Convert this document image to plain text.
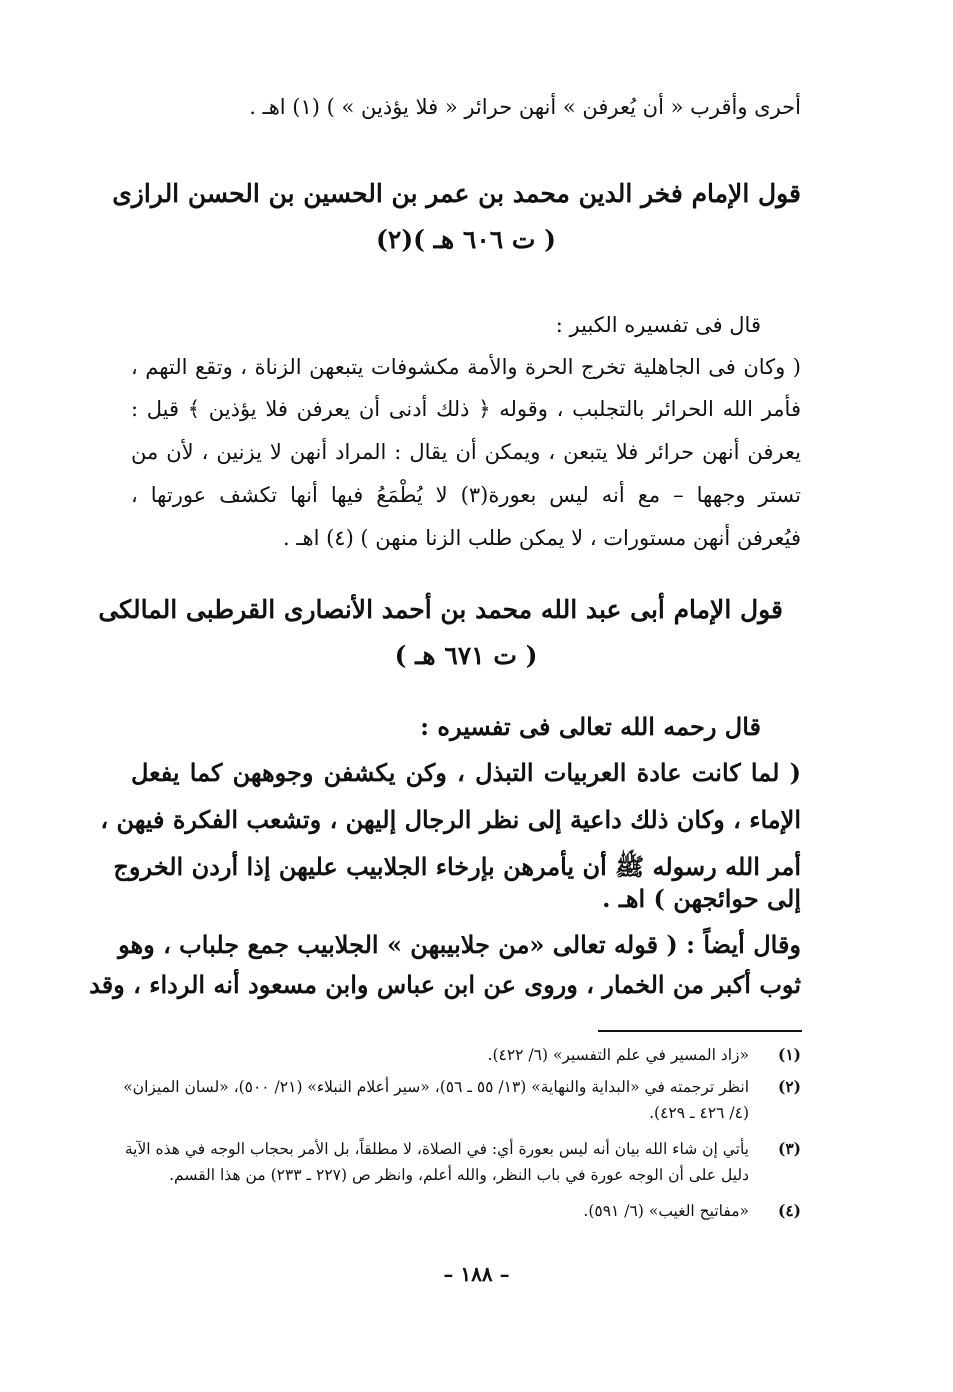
أحرى وأقرب « أن يُعرفن » أنهن حرائر « فلا يؤذين » ) (١) اهـ .
قول الإمام فخر الدين محمد بن عمر بن الحسين بن الحسن الرازى
( ت ٦٠٦ هـ )(٢)
قال فى تفسيره الكبير :
( وكان فى الجاهلية تخرج الحرة والأمة مكشوفات يتبعهن الزناة ، وتقع التهم ،
فأمر الله الحرائر بالتجلبب ، وقوله ﴿ ذلك أدنى أن يعرفن فلا يؤذين ﴾ قيل :
يعرفن أنهن حرائر فلا يتبعن ، ويمكن أن يقال : المراد أنهن لا يزنين ، لأن من
تستر وجهها – مع أنه ليس بعورة(٣) لا يُطْمَعُ فيها أنها تكشف عورتها ،
فيُعرفن أنهن مستورات ، لا يمكن طلب الزنا منهن ) (٤) اهـ .
قول الإمام أبى عبد الله محمد بن أحمد الأنصارى القرطبى المالكى
( ت ٦٧١ هـ )
قال رحمه الله تعالى فى تفسيره :
( لما كانت عادة العربيات التبذل ، وكن يكشفن وجوههن كما يفعل
الإماء ، وكان ذلك داعية إلى نظر الرجال إليهن ، وتشعب الفكرة فيهن ،
أمر الله رسوله ﷺ أن يأمرهن بإرخاء الجلابيب عليهن إذا أردن الخروج
إلى حوائجهن ) اهـ .
وقال أيضاً : ( قوله تعالى «من جلابيبهن » الجلابيب جمع جلباب ، وهو
ثوب أكبر من الخمار ، وروى عن ابن عباس وابن مسعود أنه الرداء ، وقد
(١)
«زاد المسير في علم التفسير» (٦/ ٤٢٢).
(٢)
انظر ترجمته في «البداية والنهاية» (١٣/ ٥٥ ـ ٥٦)، «سير أعلام النبلاء» (٢١/ ٥٠٠)، «لسان الميزان»
(٤/ ٤٢٦ ـ ٤٢٩).
(٣)
يأتي إن شاء الله بيان أنه ليس بعورة أي: في الصلاة، لا مطلقاً، بل الأمر بحجاب الوجه في هذه الآية
دليل على أن الوجه عورة في باب النظر، والله أعلم، وانظر ص (٢٢٧ ـ ٢٣٣) من هذا القسم.
(٤)
«مفاتيح الغيب» (٦/ ٥٩١).
– ١٨٨ –
